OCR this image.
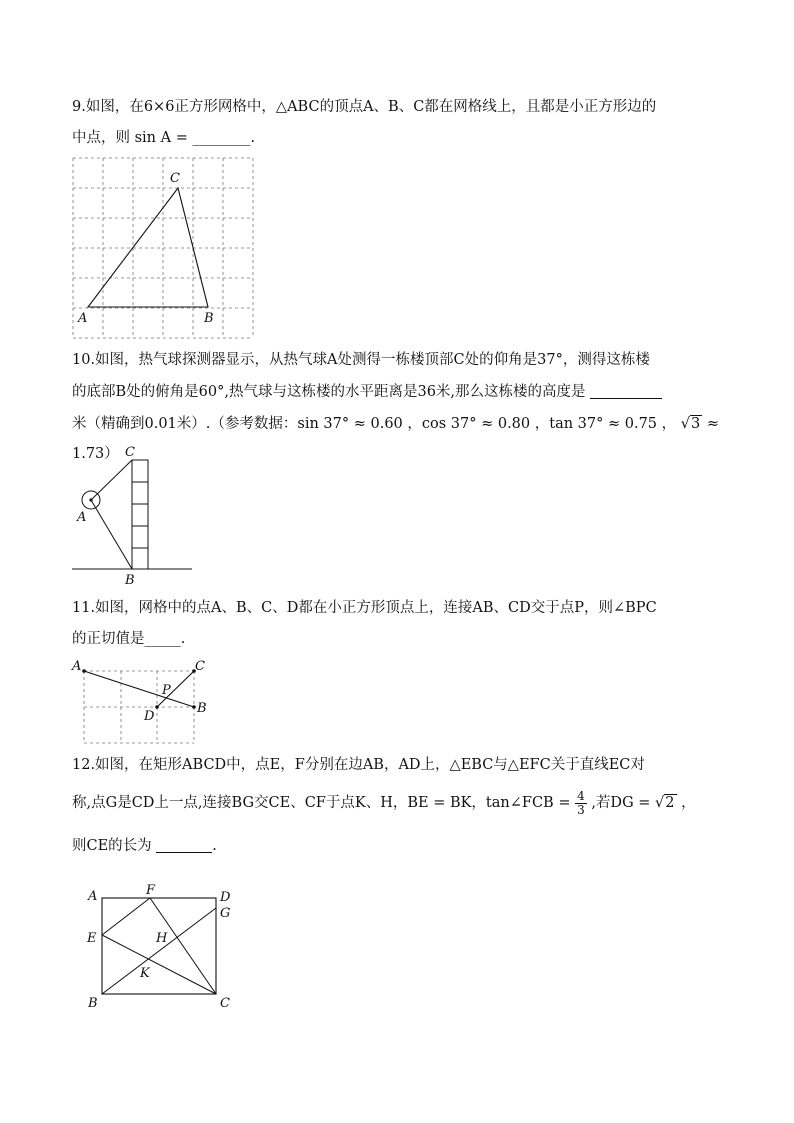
9.如图，在6×6正方形网格中，△ABC的顶点A、B、C都在网格线上，且都是小正方形边的
中点，则 sin A = ________.
A	B
C
10.如图，热气球探测器显示，从热气球A处测得一栋楼顶部C处的仰角是37°，测得这栋楼
的底部B处的俯角是60°,热气球与这栋楼的水平距离是36米,那么这栋楼的高度是
米（精确到0.01米）.（参考数据：sin 37° ≈ 0.60 ，cos 37° ≈ 0.80 ，tan 37° ≈ 0.75 ， √3 ≈ 1.73） C
A
B
11.如图，网格中的点A、B、C、D都在小正方形顶点上，连接AB、CD交于点P，则∠BPC
的正切值是_____.
A	C
B
D
P
12.如图，在矩形ABCD中，点E，F分别在边AB，AD上，△EBC与△EFC关于直线EC对
称,点G是CD上一点,连接BG交CE、CF于点K、H，BE = BK，tan∠FCB = $\frac{4}{3}$ ,若DG = √2 ，
则CE的长为	.
A	F	D
G
E	H
K
B	C
